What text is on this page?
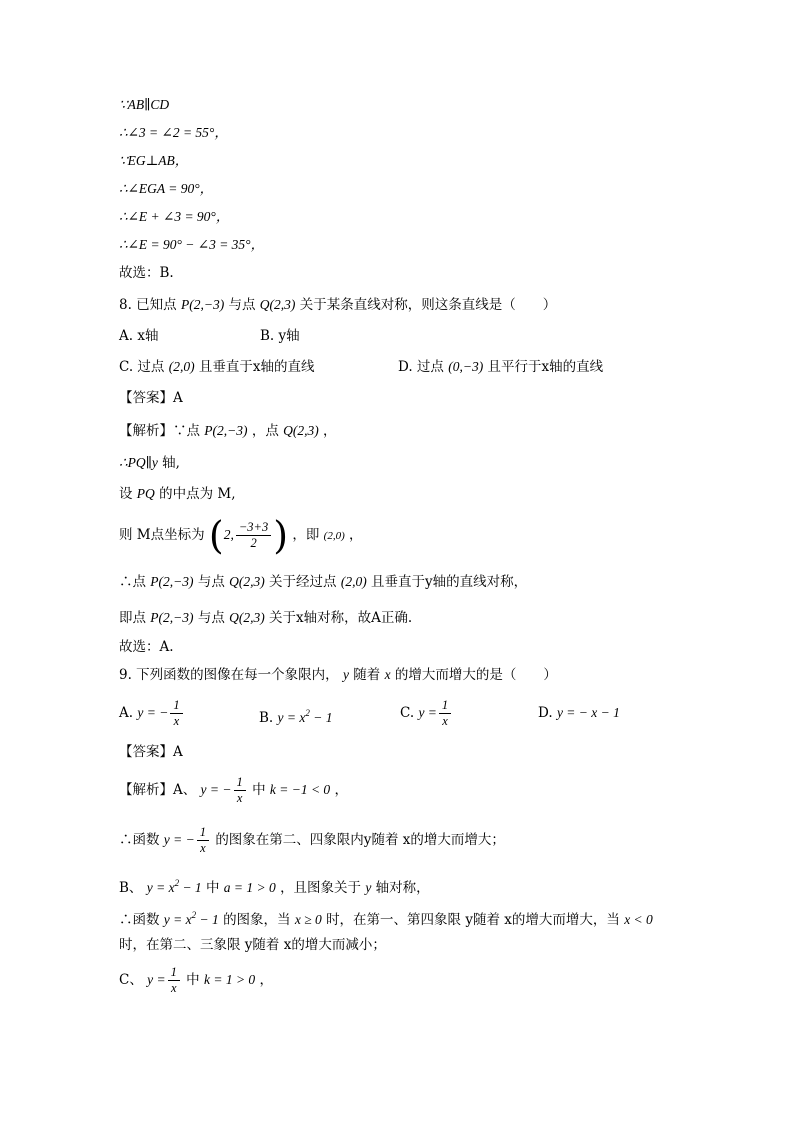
∵AB∥CD
∴∠3 = ∠2 = 55°，
∵EG⊥AB，
∴∠EGA = 90°，
∴∠E + ∠3 = 90°，
∴∠E = 90° − ∠3 = 35°，
故选：B.
8. 已知点 P(2,−3) 与点 Q(2,3) 关于某条直线对称，则这条直线是（　　）
A. x轴	B. y轴
C. 过点 (2,0) 且垂直于x轴的直线	D. 过点 (0,−3) 且平行于x轴的直线
【答案】A
【解析】∵点 P(2,−3) ，点 Q(2,3) ，
∴PQ∥y 轴,
设 PQ 的中点为 M,
则 M点坐标为 (2, $\frac{-3+3}{2}$ ) ，即 (2,0) ，
∴点 P(2,−3) 与点 Q(2,3) 关于经过点 (2,0) 且垂直于y轴的直线对称，
即点 P(2,−3) 与点 Q(2,3) 关于x轴对称，故A正确.
故选：A.
9. 下列函数的图像在每一个象限内， y 随着 x 的增大而增大的是（　　）
A. y = − $\frac{1}{x}$	B. $y = x^2 - 1$	C. $y = \frac{1}{x}$	D. y = − x − 1
【答案】A
【解析】A、 y = − $\frac{1}{x}$ 中 k = −1 < 0 ，
∴函数 y = − $\frac{1}{x}$ 的图象在第二、四象限内y随着 x的增大而增大；
B、 $y = x^2 - 1$ 中 a = 1 > 0 ，且图象关于 y 轴对称，
∴函数 $y = x^2 - 1$ 的图象，当 x ≥ 0 时，在第一、第四象限 y随着 x的增大而增大，当 x < 0
时，在第二、三象限 y随着 x的增大而减小；
C、 $y = \frac{1}{x}$ 中 k = 1 > 0 ，
